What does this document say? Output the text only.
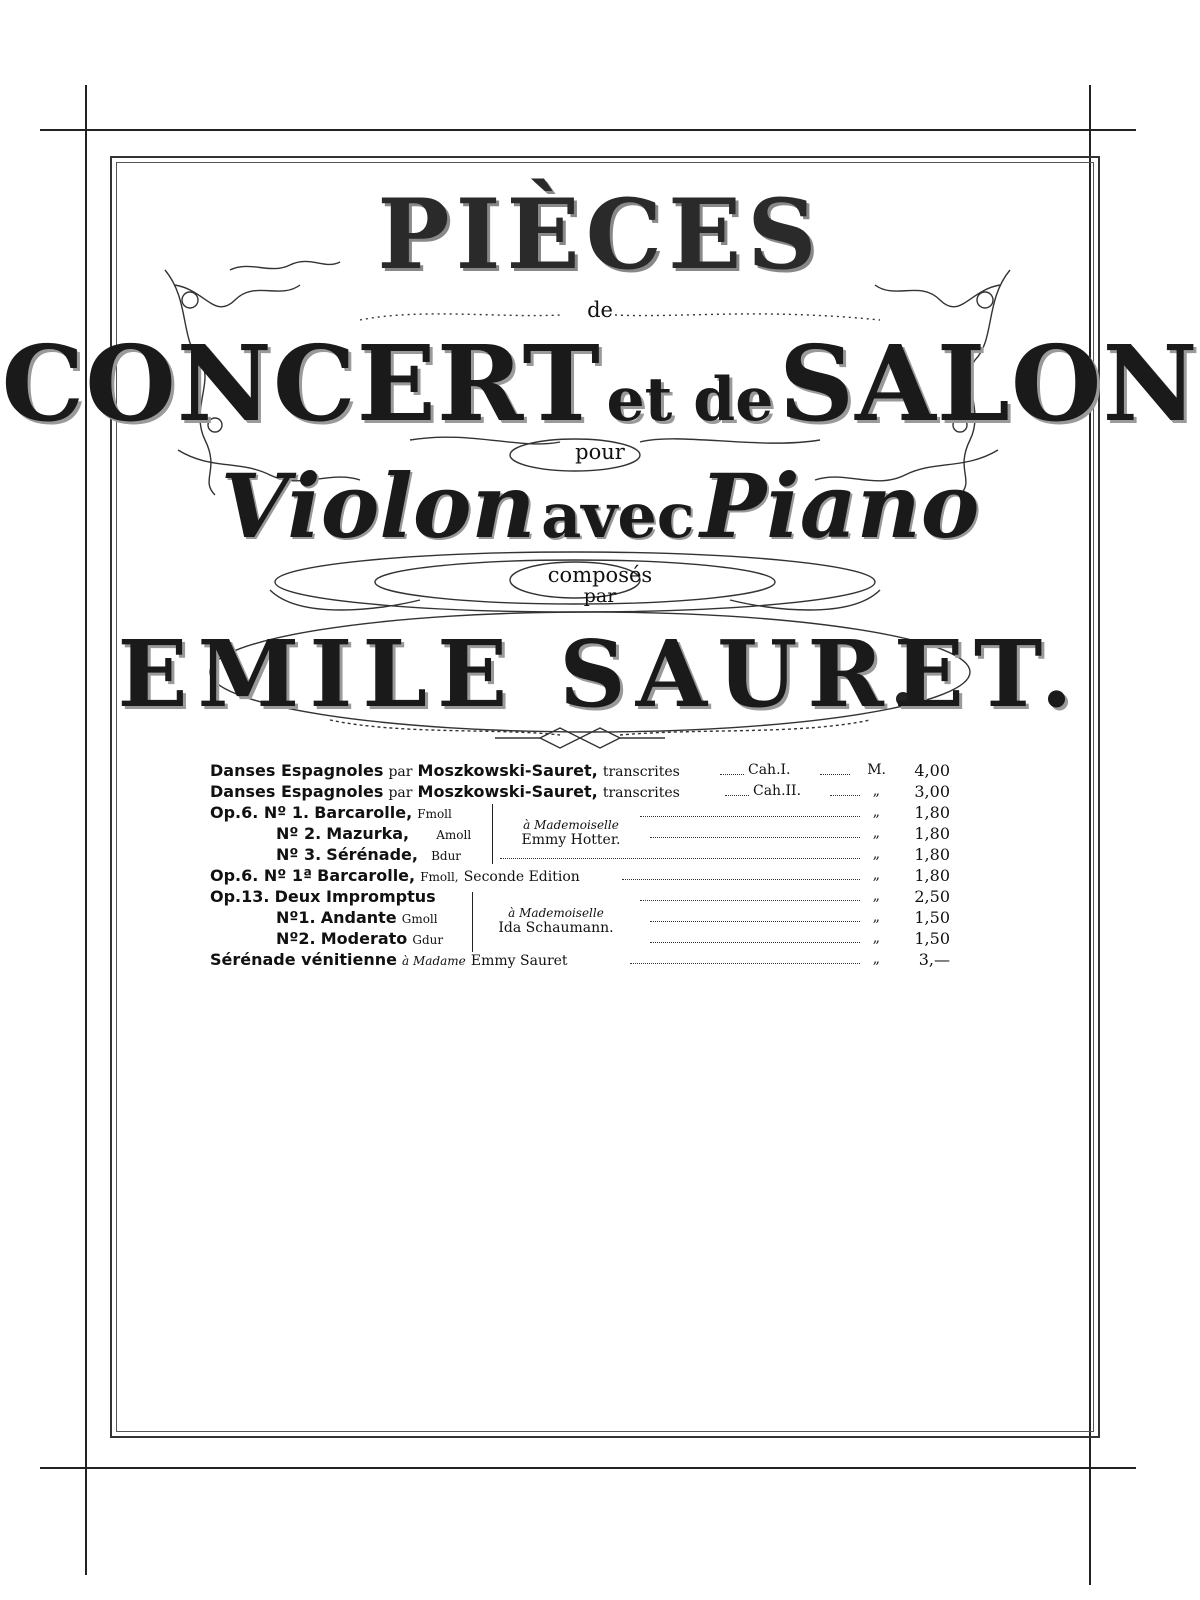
PIÈCES
de
CONCERT et de SALON
pour
Violon avec Piano
composés
par
EMILE SAURET.
Danses Espagnoles par Moszkowski-Sauret, transcrites	Cah.I.	M. 4,00
Danses Espagnoles par Moszkowski-Sauret, transcrites	Cah.II.	„ 3,00
Op.6. Nº 1. Barcarolle, Fmoll	„ 1,80
Nº 2. Mazurka, Amoll	„ 1,80
Nº 3. Sérénade, Bdur	„ 1,80
Op.6. Nº 1ª Barcarolle, Fmoll, Seconde Edition	„ 1,80
Op.13. Deux Impromptus	„ 2,50
Nº1. Andante Gmoll	„ 1,50
Nº2. Moderato Gdur	„ 1,50
Sérénade vénitienne à Madame Emmy Sauret	„ 3,—
à Mademoiselle
Emmy Hotter.
à Mademoiselle
Ida Schaumann.
